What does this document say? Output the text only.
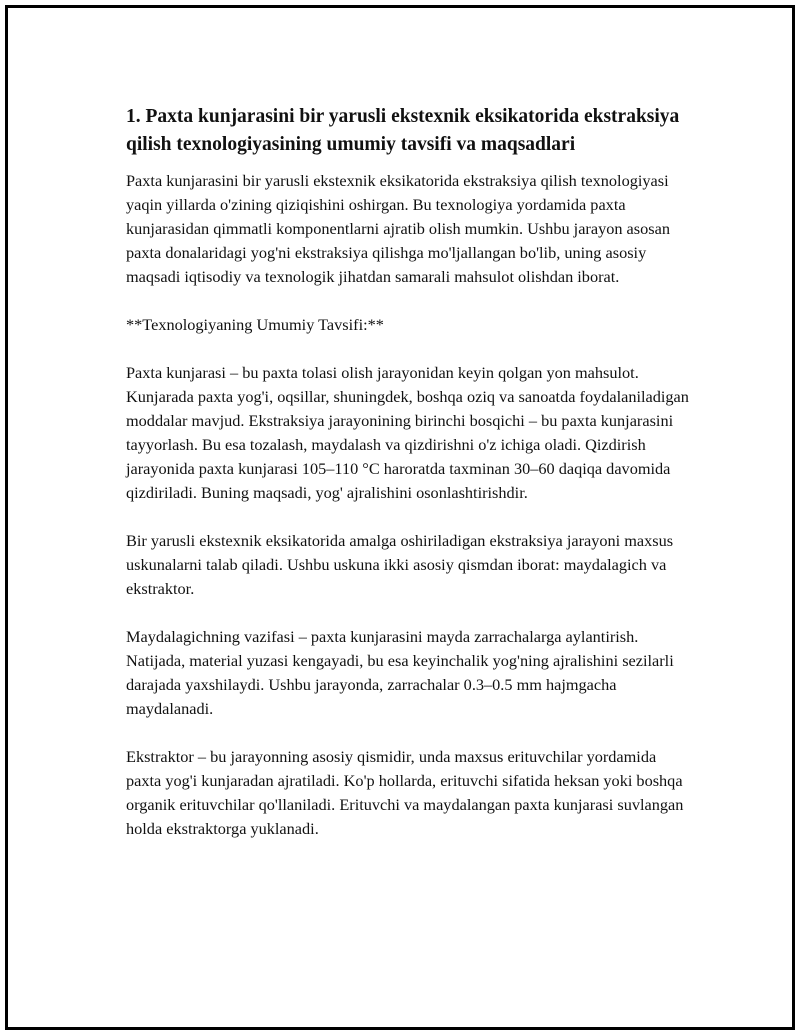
1. Paxta kunjarasini bir yarusli ekstexnik eksikatorida ekstraksiya qilish texnologiyasining umumiy tavsifi va maqsadlari

Paxta kunjarasini bir yarusli ekstexnik eksikatorida ekstraksiya qilish texnologiyasi yaqin yillarda o'zining qiziqishini oshirgan. Bu texnologiya yordamida paxta kunjarasidan qimmatli komponentlarni ajratib olish mumkin. Ushbu jarayon asosan paxta donalaridagi yog'ni ekstraksiya qilishga mo'ljallangan bo'lib, uning asosiy maqsadi iqtisodiy va texnologik jihatdan samarali mahsulot olishdan iborat.

**Texnologiyaning Umumiy Tavsifi:**

Paxta kunjarasi – bu paxta tolasi olish jarayonidan keyin qolgan yon mahsulot. Kunjarada paxta yog'i, oqsillar, shuningdek, boshqa oziq va sanoatda foydalaniladigan moddalar mavjud. Ekstraksiya jarayonining birinchi bosqichi – bu paxta kunjarasini tayyorlash. Bu esa tozalash, maydalash va qizdirishni o'z ichiga oladi. Qizdirish jarayonida paxta kunjarasi 105–110 °C haroratda taxminan 30–60 daqiqa davomida qizdiriladi. Buning maqsadi, yog' ajralishini osonlashtirishdir.

Bir yarusli ekstexnik eksikatorida amalga oshiriladigan ekstraksiya jarayoni maxsus uskunalarni talab qiladi. Ushbu uskuna ikki asosiy qismdan iborat: maydalagich va ekstraktor.

Maydalagichning vazifasi – paxta kunjarasini mayda zarrachalarga aylantirish. Natijada, material yuzasi kengayadi, bu esa keyinchalik yog'ning ajralishini sezilarli darajada yaxshilaydi. Ushbu jarayonda, zarrachalar 0.3–0.5 mm hajmgacha maydalanadi.

Ekstraktor – bu jarayonning asosiy qismidir, unda maxsus erituvchilar yordamida paxta yog'i kunjaradan ajratiladi. Ko'p hollarda, erituvchi sifatida heksan yoki boshqa organik erituvchilar qo'llaniladi. Erituvchi va maydalangan paxta kunjarasi suvlangan holda ekstraktorga yuklanadi.
